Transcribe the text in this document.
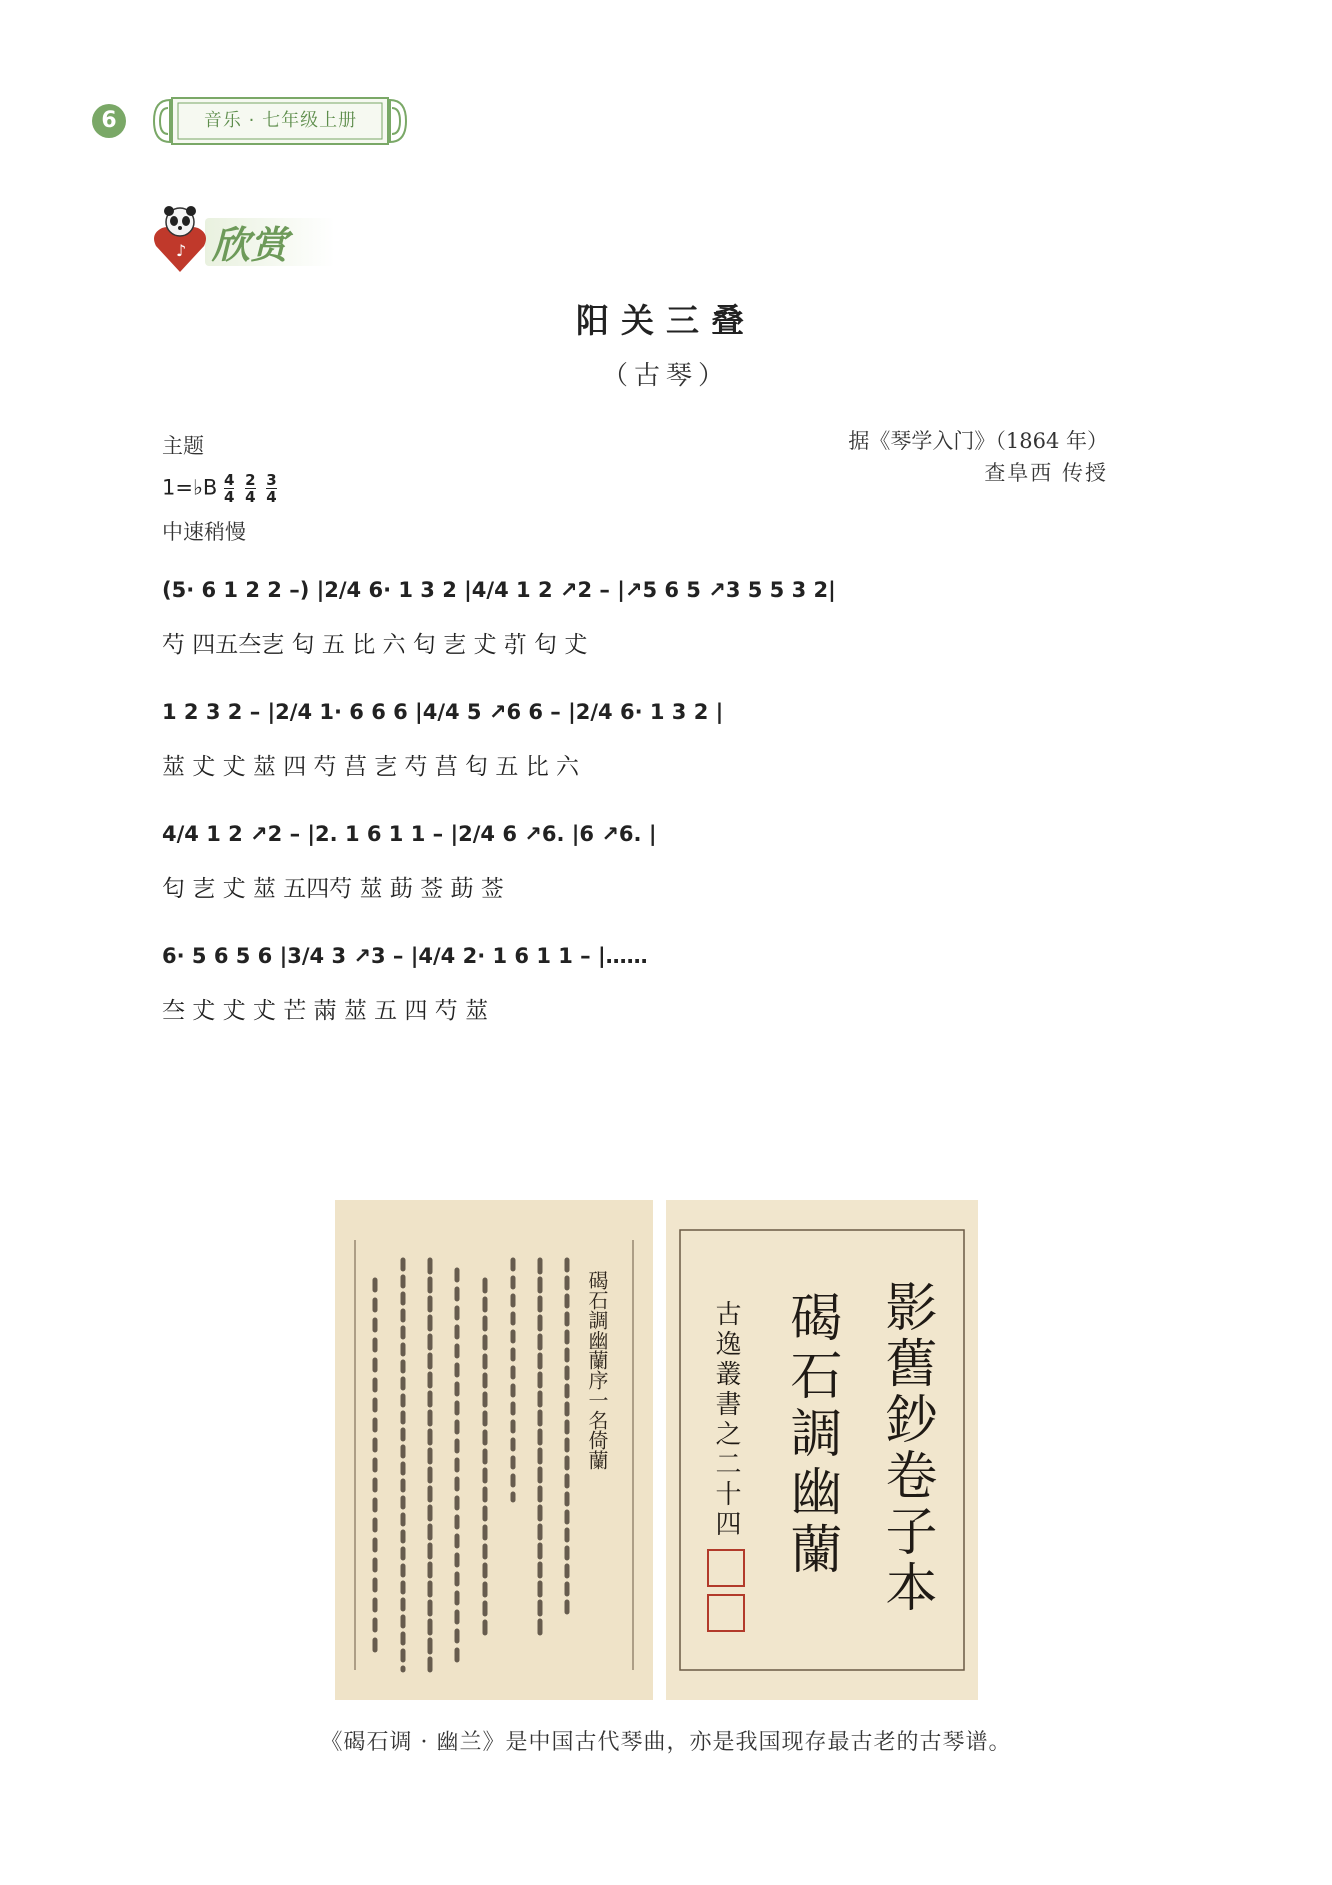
6	音乐 · 七年级上册
♪ 欣赏
阳关三叠
（古琴）
主题	据《琴学入门》（1864 年）
查阜西 传授
1=♭B $\frac{4}{4}$
$\frac{2}{4}$
$\frac{3}{4}$
中速稍慢
(5· 6 1 2 2 –) |2/4 6· 1 3 2 |4/4 1 2 ↗2 – |↗5 6 5 ↗3 5 5 3 2|
芍 四五夳㐊 匂 五 比 六 匂 㐊 𠀋 䒡 匂 𠀋
1 2 3 2 – |2/4 1· 6 6 6 |4/4 5 ↗6 6 – |2/4 6· 1 3 2 |
莁 𠀋 𠀋 莁 四 芍 莒 㐊 芍 莒 匂 五 比 六
4/4 1 2 ↗2 – |2. 1 6 1 1 – |2/4 6 ↗6. |6 ↗6. |
匂 㐊 𠀋 莁 五四芍 莁 莇 莶 莇 莶
6· 5 6 5 6 |3/4 3 ↗3 – |4/4 2· 1 6 1 1 – |……
夳 𠀋 𠀋 𠀋 芒 䓣 莁 五 四 芍 莁
碣石調幽蘭序一名倚蘭	古逸叢書之二十四 碣石調幽蘭 影舊鈔卷子本
《碣石调 · 幽兰》是中国古代琴曲，亦是我国现存最古老的古琴谱。
